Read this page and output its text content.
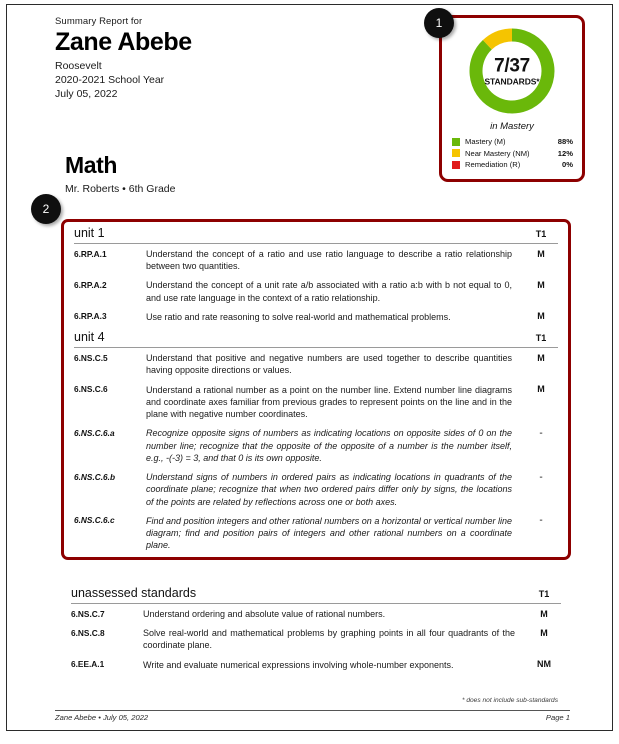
Summary Report for
Zane Abebe
Roosevelt
2020-2021 School Year
July 05, 2022
7/37
STANDARDS*
in Mastery
Mastery (M)	88%
Near Mastery (NM)	12%
Remediation (R)	0%
Math
Mr. Roberts • 6th Grade
unit 1	T1
6.RP.A.1	Understand the concept of a ratio and use ratio language to describe a ratio relationship between two quantities.
M
6.RP.A.2	Understand the concept of a unit rate a/b associated with a ratio a:b with b not equal to 0, and use rate language in the context of a ratio relationship.
M
6.RP.A.3	Use ratio and rate reasoning to solve real-world and mathematical problems.	M
unit 4	T1
6.NS.C.5	Understand that positive and negative numbers are used together to describe quantities having opposite directions or values.
M
6.NS.C.6	Understand a rational number as a point on the number line. Extend number line diagrams and coordinate axes familiar from previous grades to represent points on the line and in the plane with negative number coordinates.
M
6.NS.C.6.a	Recognize opposite signs of numbers as indicating locations on opposite sides of 0 on the number line; recognize that the opposite of the opposite of a number is the number itself, e.g., -(-3) = 3, and that 0 is its own opposite.
-
6.NS.C.6.b	Understand signs of numbers in ordered pairs as indicating locations in quadrants of the coordinate plane; recognize that when two ordered pairs differ only by signs, the locations of the points are related by reflections across one or both axes.
-
6.NS.C.6.c	Find and position integers and other rational numbers on a horizontal or vertical number line diagram; find and position pairs of integers and other rational numbers on a coordinate plane.
-
unassessed standards	T1
6.NS.C.7	Understand ordering and absolute value of rational numbers.	M
6.NS.C.8	Solve real-world and mathematical problems by graphing points in all four quadrants of the coordinate plane.
M
6.EE.A.1	Write and evaluate numerical expressions involving whole-number exponents.	NM
* does not include sub-standards
Zane Abebe • July 05, 2022	Page 1
1
2
